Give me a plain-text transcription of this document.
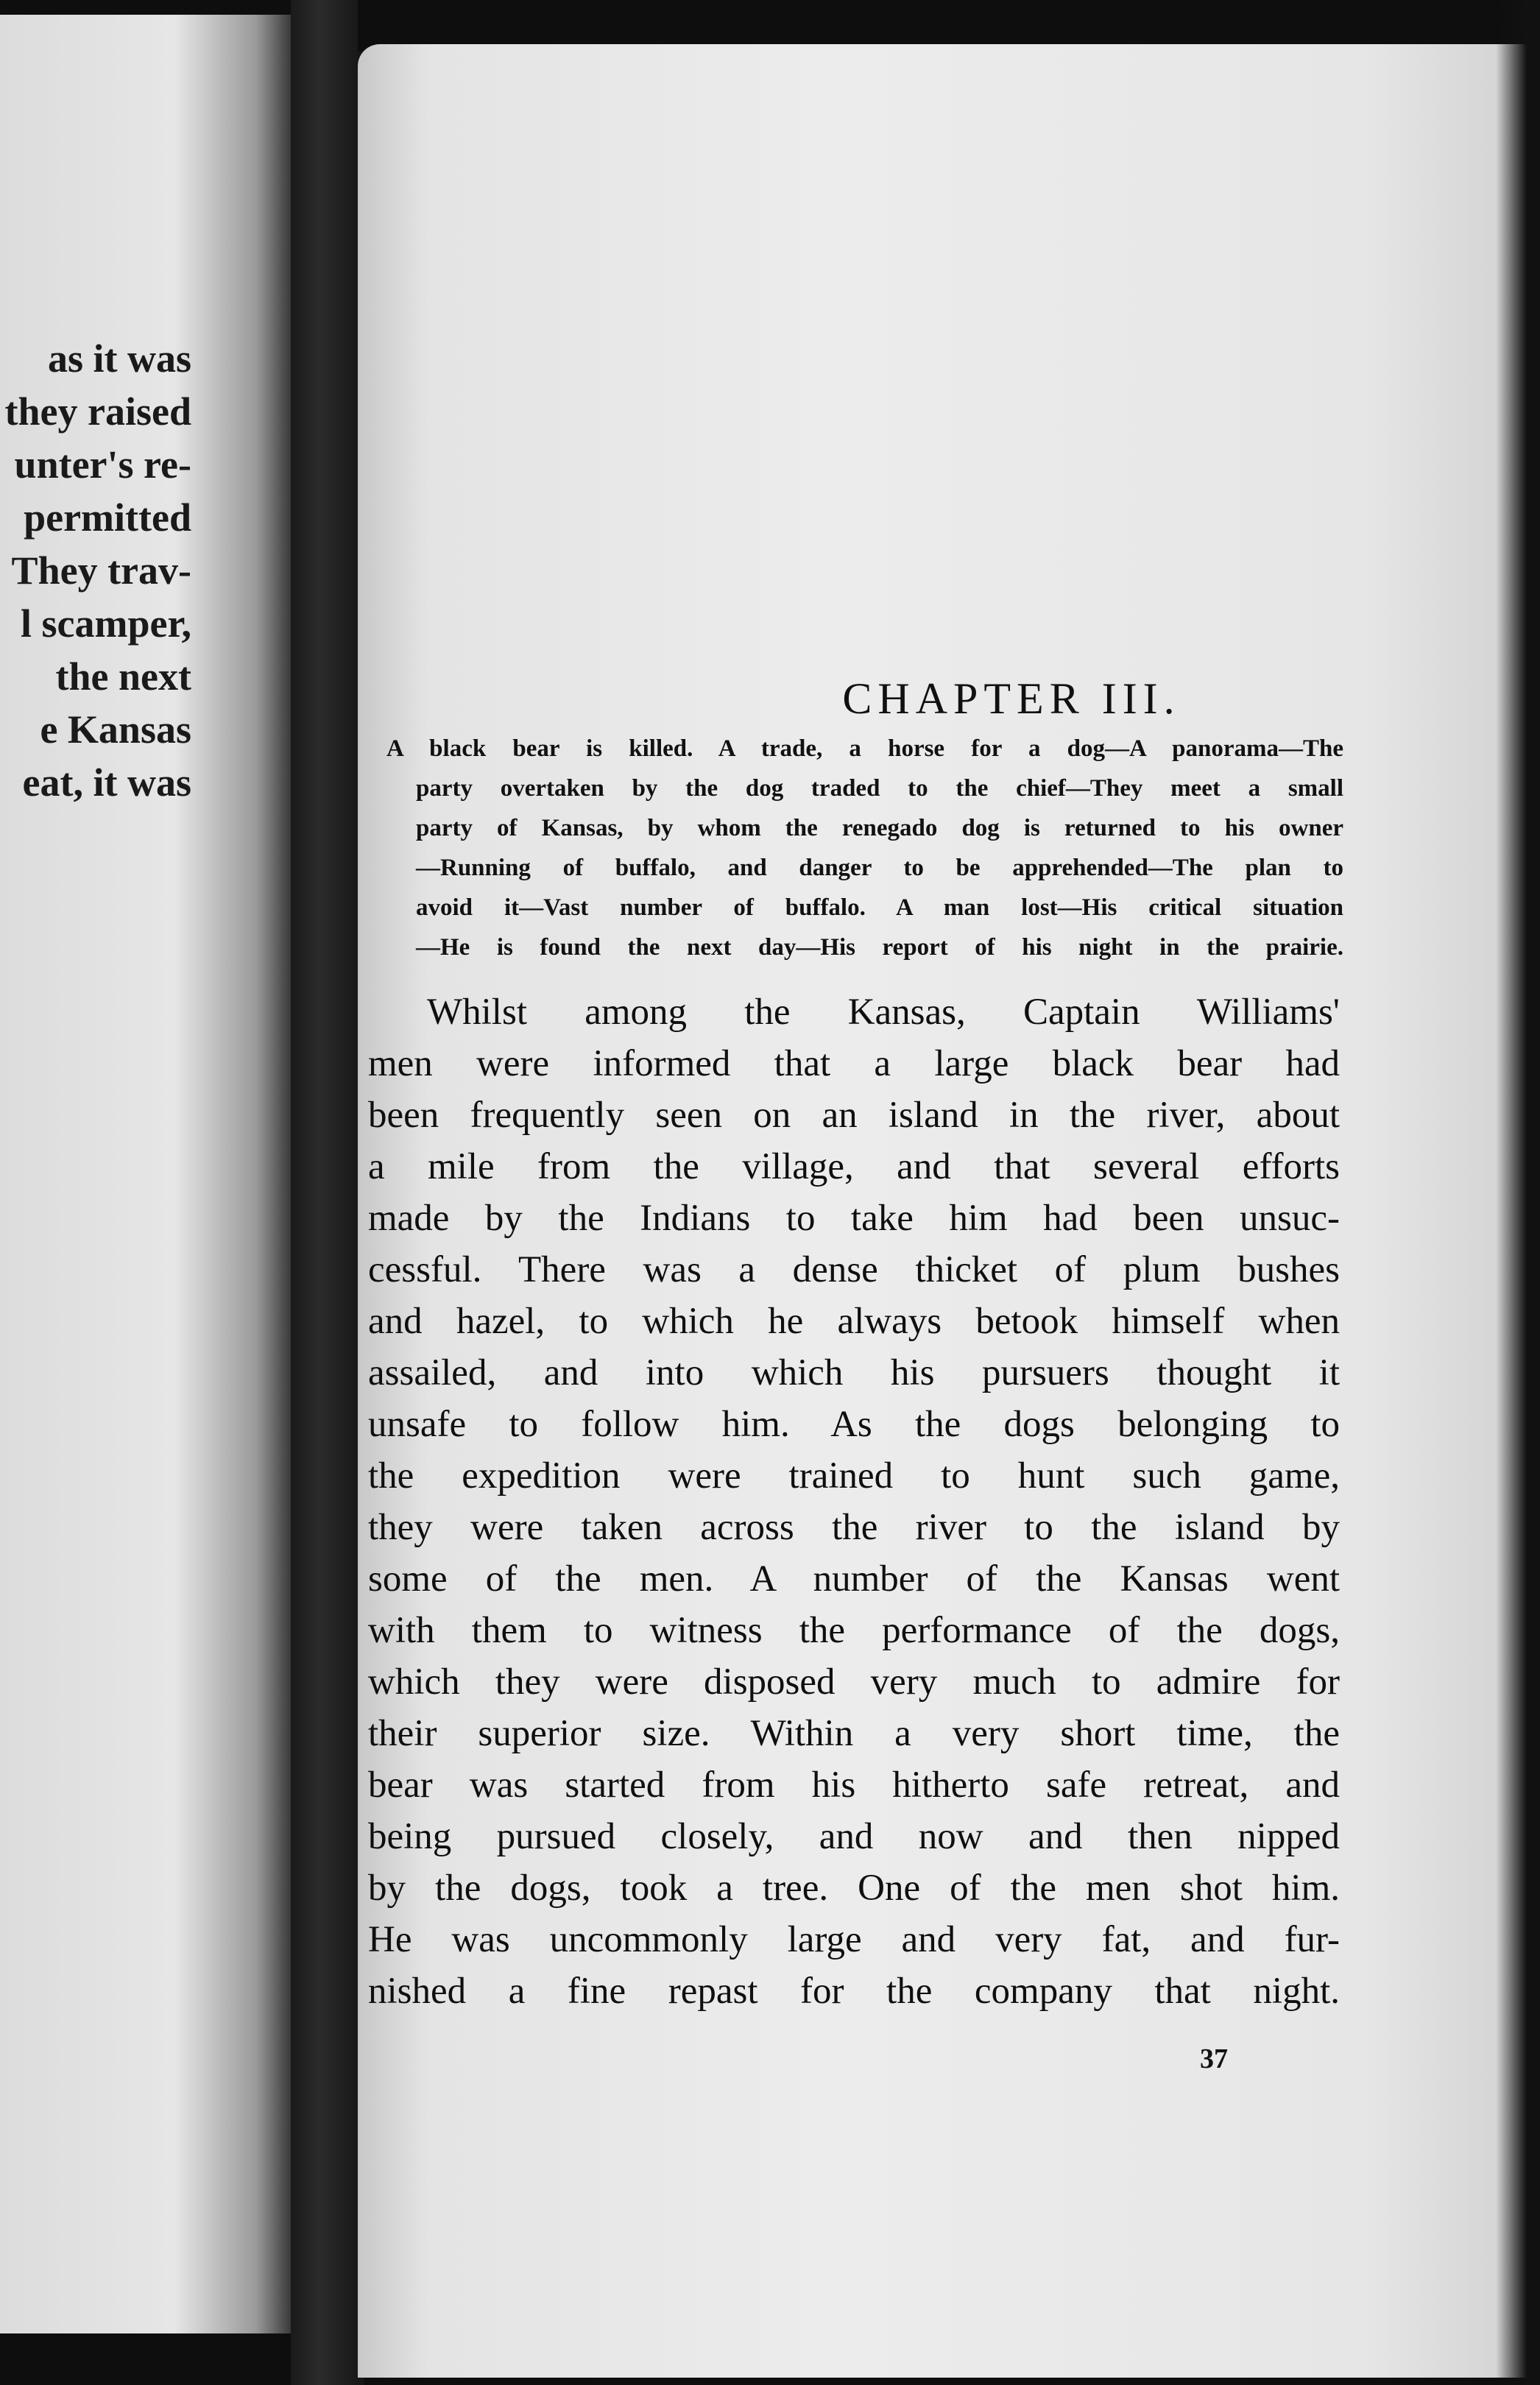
as it was
they raised
unter's re-
permitted
They trav-
l scamper,
the next
e Kansas
eat, it was
CHAPTER III.
A black bear is killed. A trade, a horse for a dog—A panorama—The
party overtaken by the dog traded to the chief—They meet a small
party of Kansas, by whom the renegado dog is returned to his owner
—Running of buffalo, and danger to be apprehended—The plan to
avoid it—Vast number of buffalo. A man lost—His critical situation
—He is found the next day—His report of his night in the prairie.
Whilst among the Kansas, Captain Williams'
men were informed that a large black bear had
been frequently seen on an island in the river, about
a mile from the village, and that several efforts
made by the Indians to take him had been unsuc-
cessful. There was a dense thicket of plum bushes
and hazel, to which he always betook himself when
assailed, and into which his pursuers thought it
unsafe to follow him. As the dogs belonging to
the expedition were trained to hunt such game,
they were taken across the river to the island by
some of the men. A number of the Kansas went
with them to witness the performance of the dogs,
which they were disposed very much to admire for
their superior size. Within a very short time, the
bear was started from his hitherto safe retreat, and
being pursued closely, and now and then nipped
by the dogs, took a tree. One of the men shot him.
He was uncommonly large and very fat, and fur-
nished a fine repast for the company that night.
37
